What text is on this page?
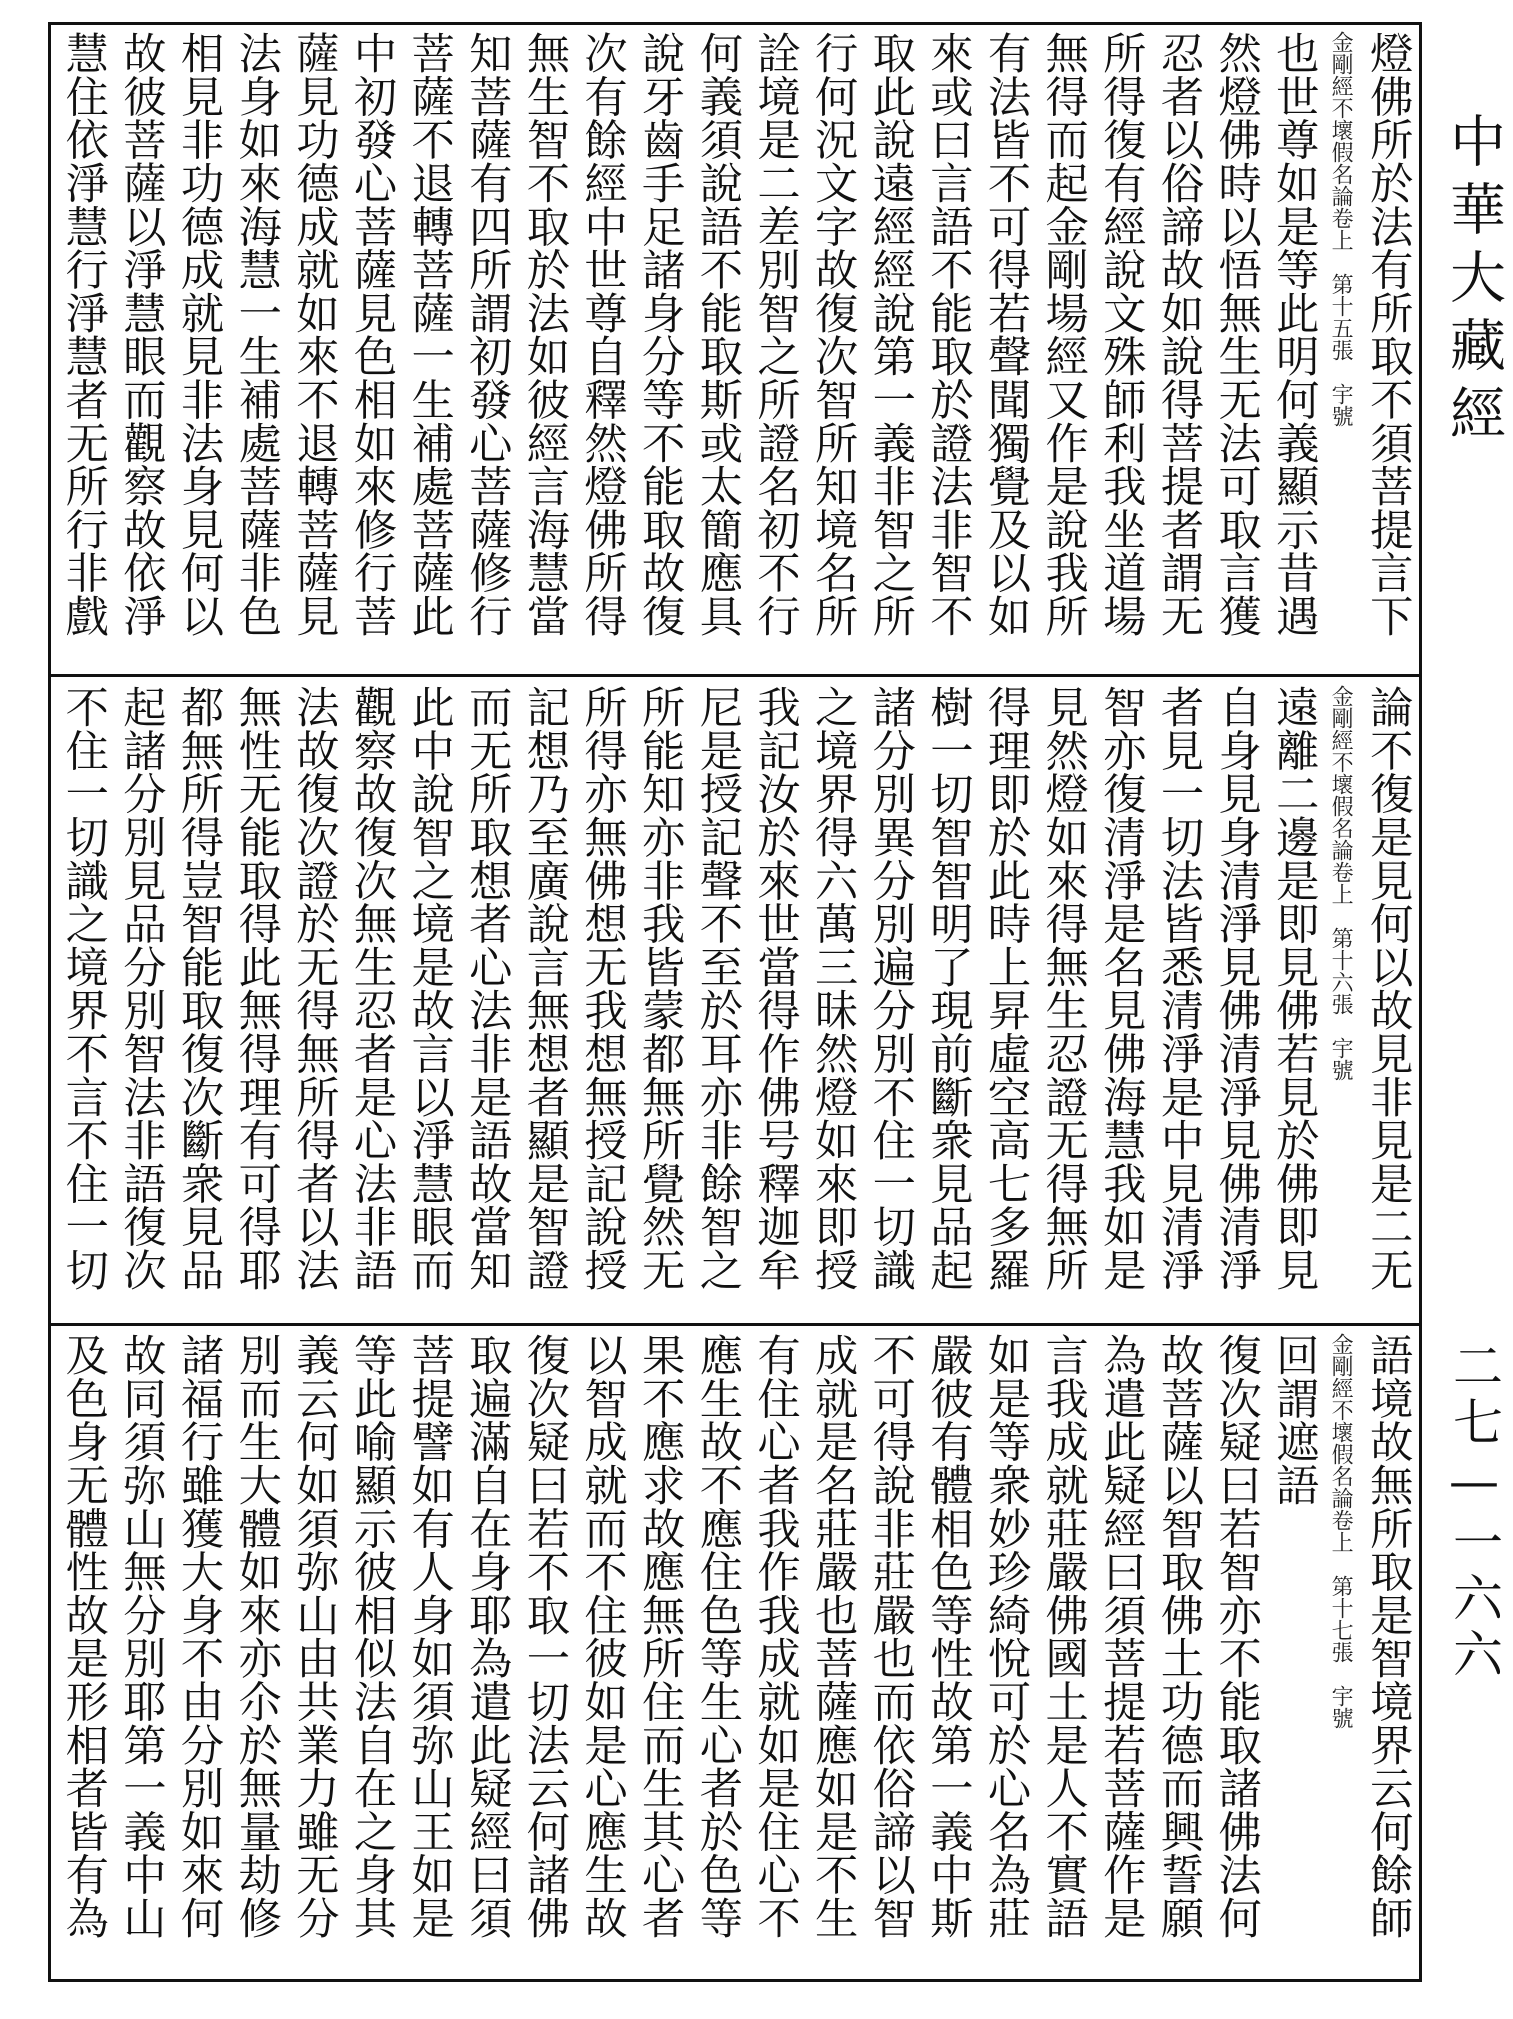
燈佛所於法有所取不須菩提言下
金剛經不壞假名論卷上　第十五張　宇號
也世尊如是等此明何義顯示昔遇
然燈佛時以悟無生无法可取言獲
忍者以俗諦故如說得菩提者謂无
所得復有經說文殊師利我坐道場
無得而起金剛場經又作是說我所
有法皆不可得若聲聞獨覺及以如
來或曰言語不能取於證法非智不
取此說遠經經說第一義非智之所
行何況文字故復次智所知境名所
詮境是二差別智之所證名初不行
何義須說語不能取斯或太簡應具
說牙齒手足諸身分等不能取故復
次有餘經中世尊自釋然燈佛所得
無生智不取於法如彼經言海慧當
知菩薩有四所謂初發心菩薩修行
菩薩不退轉菩薩一生補處菩薩此
中初發心菩薩見色相如來修行菩
薩見功德成就如來不退轉菩薩見
法身如來海慧一生補處菩薩非色
相見非功德成就見非法身見何以
故彼菩薩以淨慧眼而觀察故依淨
慧住依淨慧行淨慧者无所行非戲
論不復是見何以故見非見是二无
金剛經不壞假名論卷上　第十六張　宇號
遠離二邊是即見佛若見於佛即見
自身見身清淨見佛清淨見佛清淨
者見一切法皆悉清淨是中見清淨
智亦復清淨是名見佛海慧我如是
見然燈如來得無生忍證无得無所
得理即於此時上昇虛空高七多羅
樹一切智智明了現前斷衆見品起
諸分別異分別遍分別不住一切識
之境界得六萬三昧然燈如來即授
我記汝於來世當得作佛号釋迦牟
尼是授記聲不至於耳亦非餘智之
所能知亦非我皆蒙都無所覺然无
所得亦無佛想无我想無授記說授
記想乃至廣說言無想者顯是智證
而无所取想者心法非是語故當知
此中說智之境是故言以淨慧眼而
觀察故復次無生忍者是心法非語
法故復次證於无得無所得者以法
無性无能取得此無得理有可得耶
都無所得豈智能取復次斷衆見品
起諸分別見品分別智法非語復次
不住一切識之境界不言不住一切
語境故無所取是智境界云何餘師
金剛經不壞假名論卷上　第十七張　宇號
回謂遮語
復次疑曰若智亦不能取諸佛法何
故菩薩以智取佛土功德而興誓願
為遣此疑經曰須菩提若菩薩作是
言我成就莊嚴佛國土是人不實語
如是等衆妙珍綺悅可於心名為莊
嚴彼有體相色等性故第一義中斯
不可得說非莊嚴也而依俗諦以智
成就是名莊嚴也菩薩應如是不生
有住心者我作我成就如是住心不
應生故不應住色等生心者於色等
果不應求故應無所住而生其心者
以智成就而不住彼如是心應生故
復次疑曰若不取一切法云何諸佛
取遍滿自在身耶為遣此疑經曰須
菩提譬如有人身如須弥山王如是
等此喻顯示彼相似法自在之身其
義云何如須弥山由共業力雖无分
別而生大體如來亦尒於無量劫修
諸福行雖獲大身不由分別如來何
故同須弥山無分別耶第一義中山
及色身无體性故是形相者皆有為
中華大藏經
二七—一六六
